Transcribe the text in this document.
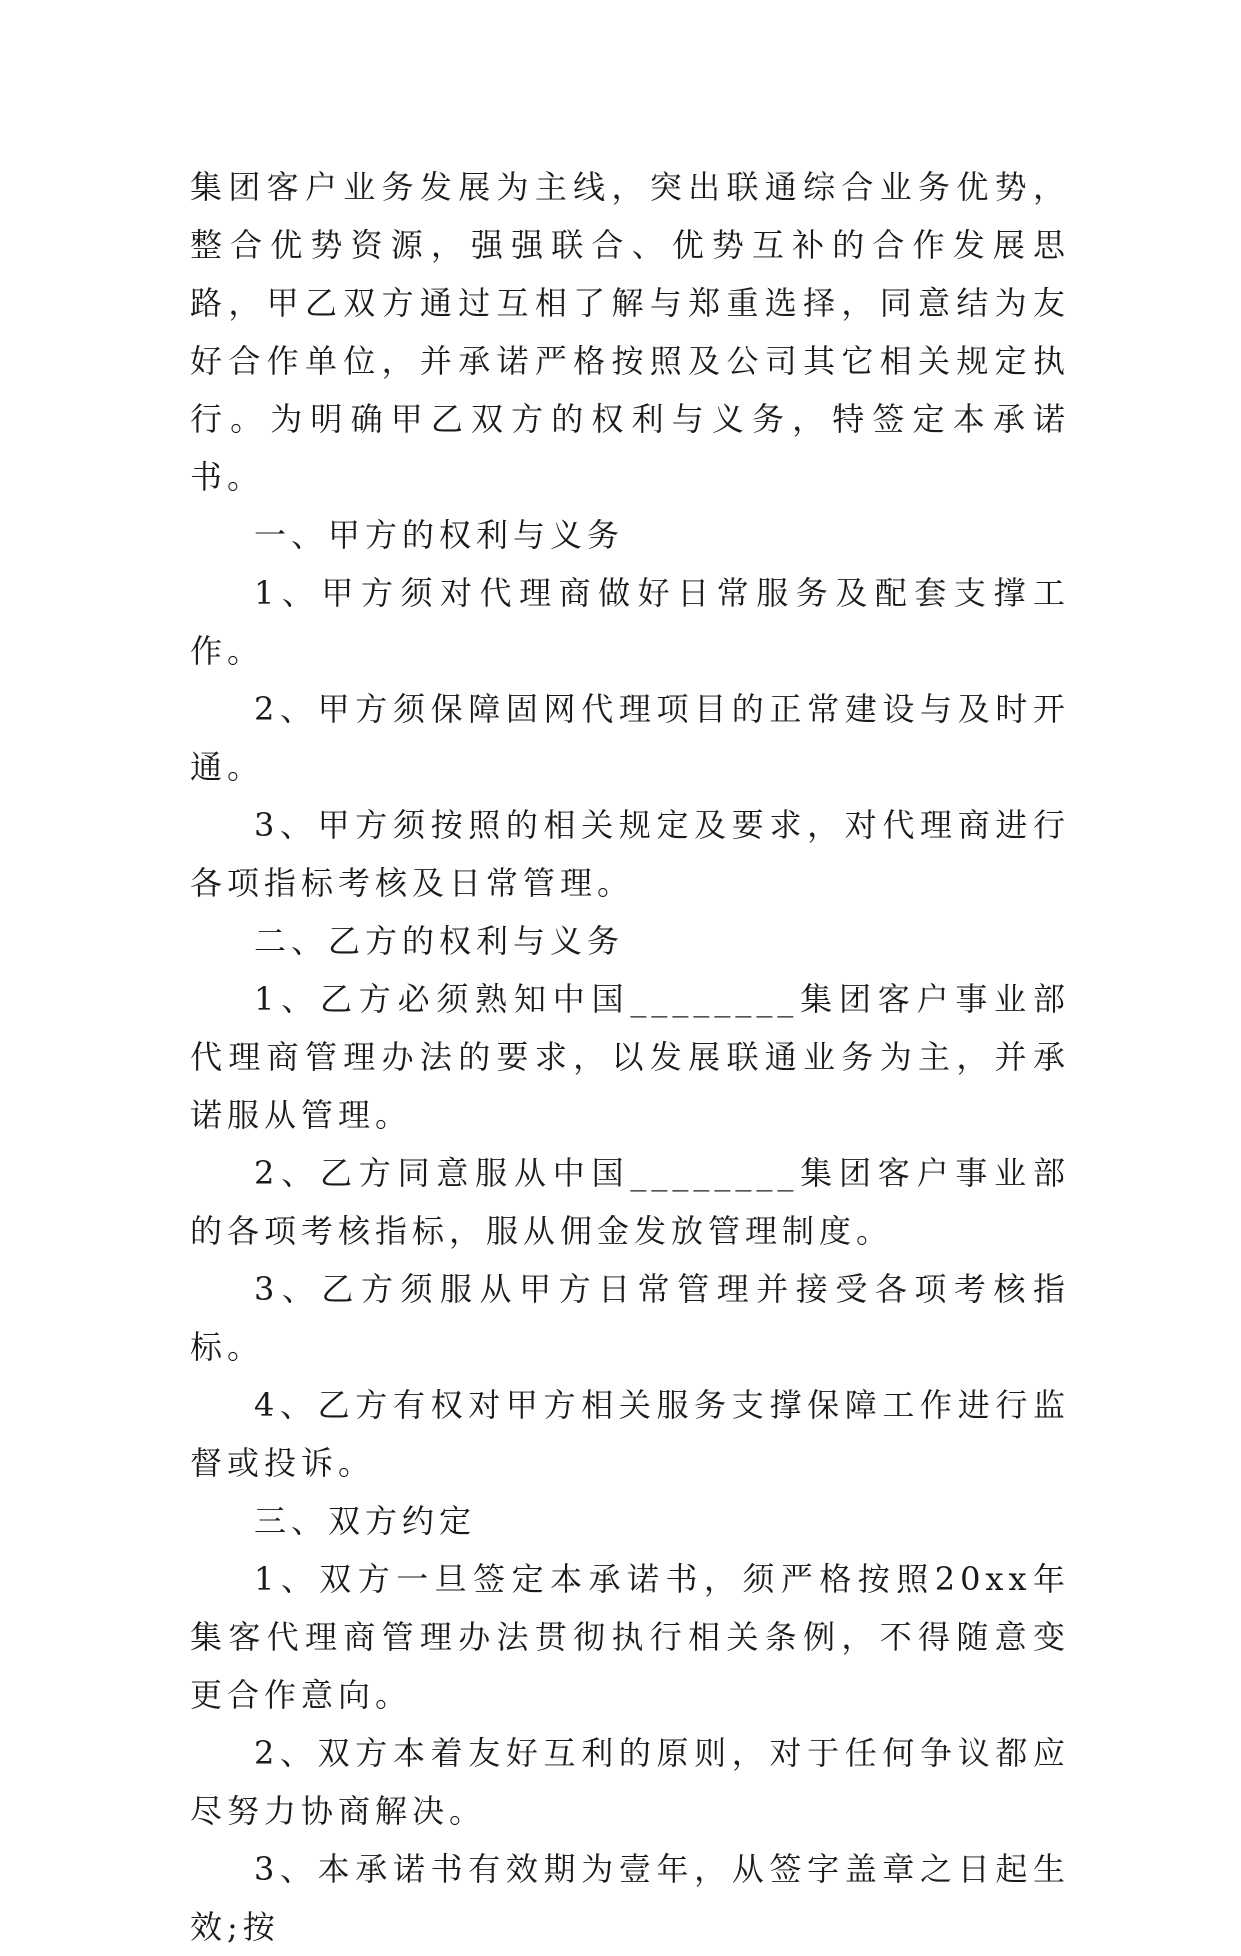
集团客户业务发展为主线，突出联通综合业务优势，整合优势资源，强强联合、优势互补的合作发展思路，甲乙双方通过互相了解与郑重选择，同意结为友好合作单位，并承诺严格按照及公司其它相关规定执行。为明确甲乙双方的权利与义务，特签定本承诺书。

一、甲方的权利与义务

1、甲方须对代理商做好日常服务及配套支撑工作。

2、甲方须保障固网代理项目的正常建设与及时开通。

3、甲方须按照的相关规定及要求，对代理商进行各项指标考核及日常管理。

二、乙方的权利与义务

1、乙方必须熟知中国________集团客户事业部代理商管理办法的要求，以发展联通业务为主，并承诺服从管理。

2、乙方同意服从中国________集团客户事业部的各项考核指标，服从佣金发放管理制度。

3、乙方须服从甲方日常管理并接受各项考核指标。

4、乙方有权对甲方相关服务支撑保障工作进行监督或投诉。

三、双方约定

1、双方一旦签定本承诺书，须严格按照20xx年集客代理商管理办法贯彻执行相关条例，不得随意变更合作意向。

2、双方本着友好互利的原则，对于任何争议都应尽努力协商解决。

3、本承诺书有效期为壹年，从签字盖章之日起生效;按
